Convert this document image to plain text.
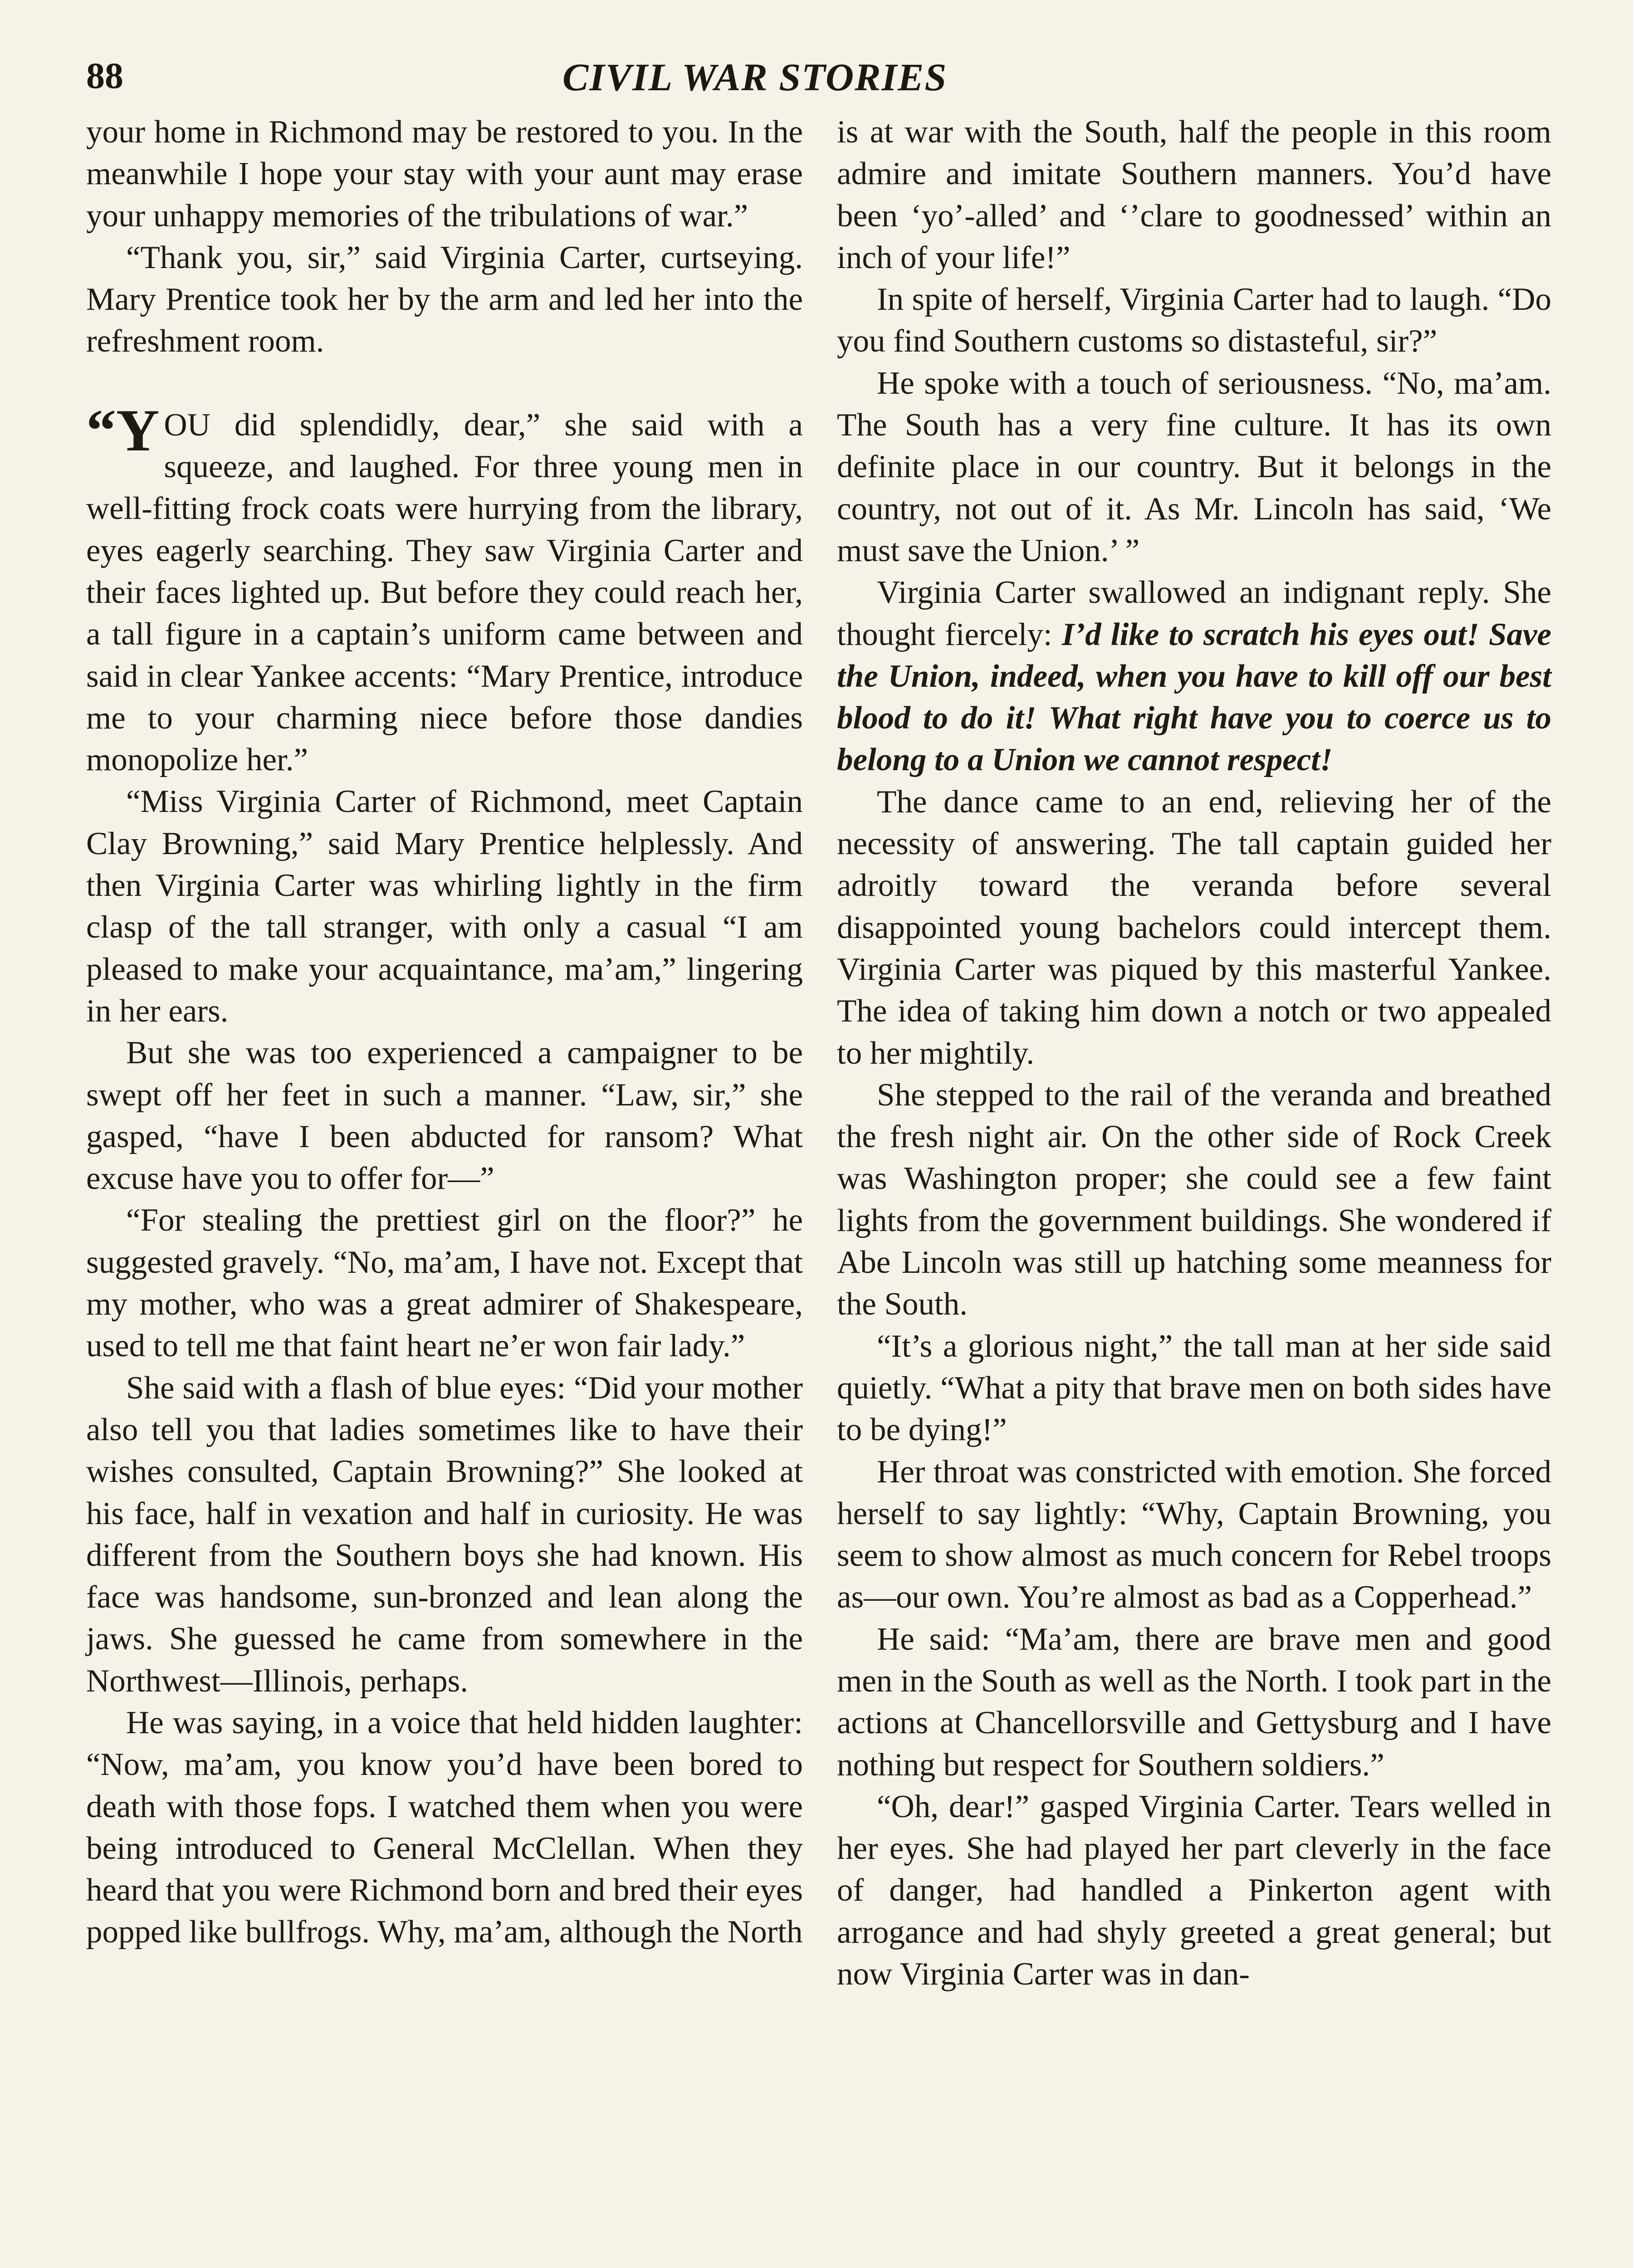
88	CIVIL WAR STORIES

your home in Richmond may be restored to you. In the meanwhile I hope your stay with your aunt may erase your unhappy memories of the tribulations of war.”

“Thank you, sir,” said Virginia Carter, curtseying. Mary Prentice took her by the arm and led her into the refreshment room.

“YOU did splendidly, dear,” she said with a squeeze, and laughed. For three young men in well-fitting frock coats were hurrying from the library, eyes eagerly searching. They saw Virginia Carter and their faces lighted up. But before they could reach her, a tall figure in a captain’s uniform came between and said in clear Yankee accents: “Mary Prentice, introduce me to your charming niece before those dandies monopolize her.”

“Miss Virginia Carter of Richmond, meet Captain Clay Browning,” said Mary Prentice helplessly. And then Virginia Carter was whirling lightly in the firm clasp of the tall stranger, with only a casual “I am pleased to make your acquaintance, ma’am,” lingering in her ears.

But she was too experienced a campaigner to be swept off her feet in such a manner. “Law, sir,” she gasped, “have I been abducted for ransom? What excuse have you to offer for—”

“For stealing the prettiest girl on the floor?” he suggested gravely. “No, ma’am, I have not. Except that my mother, who was a great admirer of Shakespeare, used to tell me that faint heart ne’er won fair lady.”

She said with a flash of blue eyes: “Did your mother also tell you that ladies sometimes like to have their wishes consulted, Captain Browning?” She looked at his face, half in vexation and half in curiosity. He was different from the Southern boys she had known. His face was handsome, sun-bronzed and lean along the jaws. She guessed he came from somewhere in the Northwest—Illinois, perhaps.

He was saying, in a voice that held hidden laughter: “Now, ma’am, you know you’d have been bored to death with those fops. I watched them when you were being introduced to General McClellan. When they heard that you were Richmond born and bred their eyes popped like bullfrogs. Why, ma’am, although the North

is at war with the South, half the people in this room admire and imitate Southern manners. You’d have been ‘yo’-alled’ and ‘’clare to goodnessed’ within an inch of your life!”

In spite of herself, Virginia Carter had to laugh. “Do you find Southern customs so distasteful, sir?”

He spoke with a touch of seriousness. “No, ma’am. The South has a very fine culture. It has its own definite place in our country. But it belongs in the country, not out of it. As Mr. Lincoln has said, ‘We must save the Union.’ ”

Virginia Carter swallowed an indignant reply. She thought fiercely: I’d like to scratch his eyes out! Save the Union, indeed, when you have to kill off our best blood to do it! What right have you to coerce us to belong to a Union we cannot respect!

The dance came to an end, relieving her of the necessity of answering. The tall captain guided her adroitly toward the veranda before several disappointed young bachelors could intercept them. Virginia Carter was piqued by this masterful Yankee. The idea of taking him down a notch or two appealed to her mightily.

She stepped to the rail of the veranda and breathed the fresh night air. On the other side of Rock Creek was Washington proper; she could see a few faint lights from the government buildings. She wondered if Abe Lincoln was still up hatching some meanness for the South.

“It’s a glorious night,” the tall man at her side said quietly. “What a pity that brave men on both sides have to be dying!”

Her throat was constricted with emotion. She forced herself to say lightly: “Why, Captain Browning, you seem to show almost as much concern for Rebel troops as—our own. You’re almost as bad as a Copperhead.”

He said: “Ma’am, there are brave men and good men in the South as well as the North. I took part in the actions at Chancellorsville and Gettysburg and I have nothing but respect for Southern soldiers.”

“Oh, dear!” gasped Virginia Carter. Tears welled in her eyes. She had played her part cleverly in the face of danger, had handled a Pinkerton agent with arrogance and had shyly greeted a great general; but now Virginia Carter was in dan-
